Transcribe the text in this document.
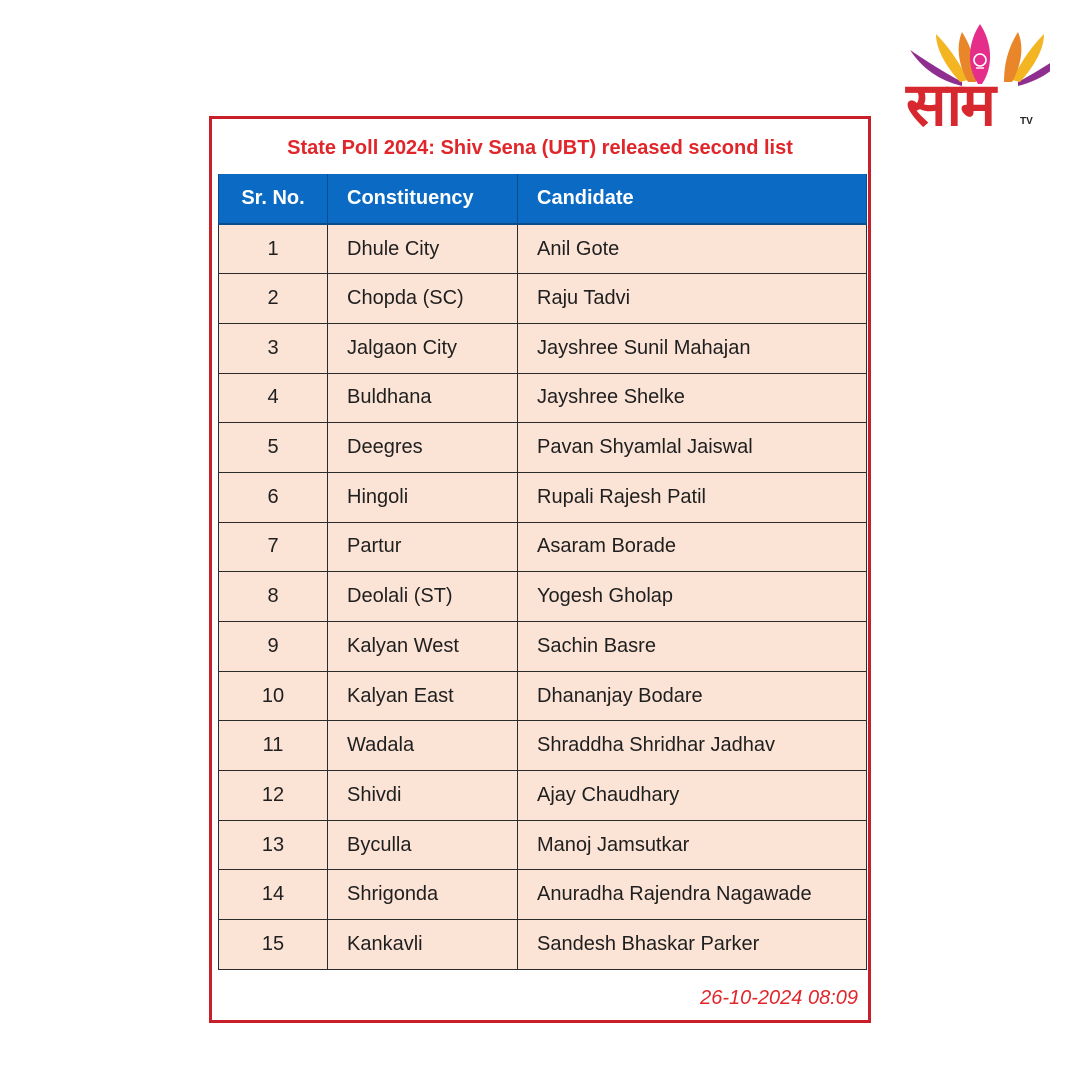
साम	TV
State Poll 2024: Shiv Sena (UBT) released second list
Sr. No.	Constituency	Candidate
1	Dhule City	Anil Gote
2	Chopda (SC)	Raju Tadvi
3	Jalgaon City	Jayshree Sunil Mahajan
4	Buldhana	Jayshree Shelke
5	Deegres	Pavan Shyamlal Jaiswal
6	Hingoli	Rupali Rajesh Patil
7	Partur	Asaram Borade
8	Deolali (ST)	Yogesh Gholap
9	Kalyan West	Sachin Basre
10	Kalyan East	Dhananjay Bodare
11	Wadala	Shraddha Shridhar Jadhav
12	Shivdi	Ajay Chaudhary
13	Byculla	Manoj Jamsutkar
14	Shrigonda	Anuradha Rajendra Nagawade
15	Kankavli	Sandesh Bhaskar Parker
26-10-2024 08:09
